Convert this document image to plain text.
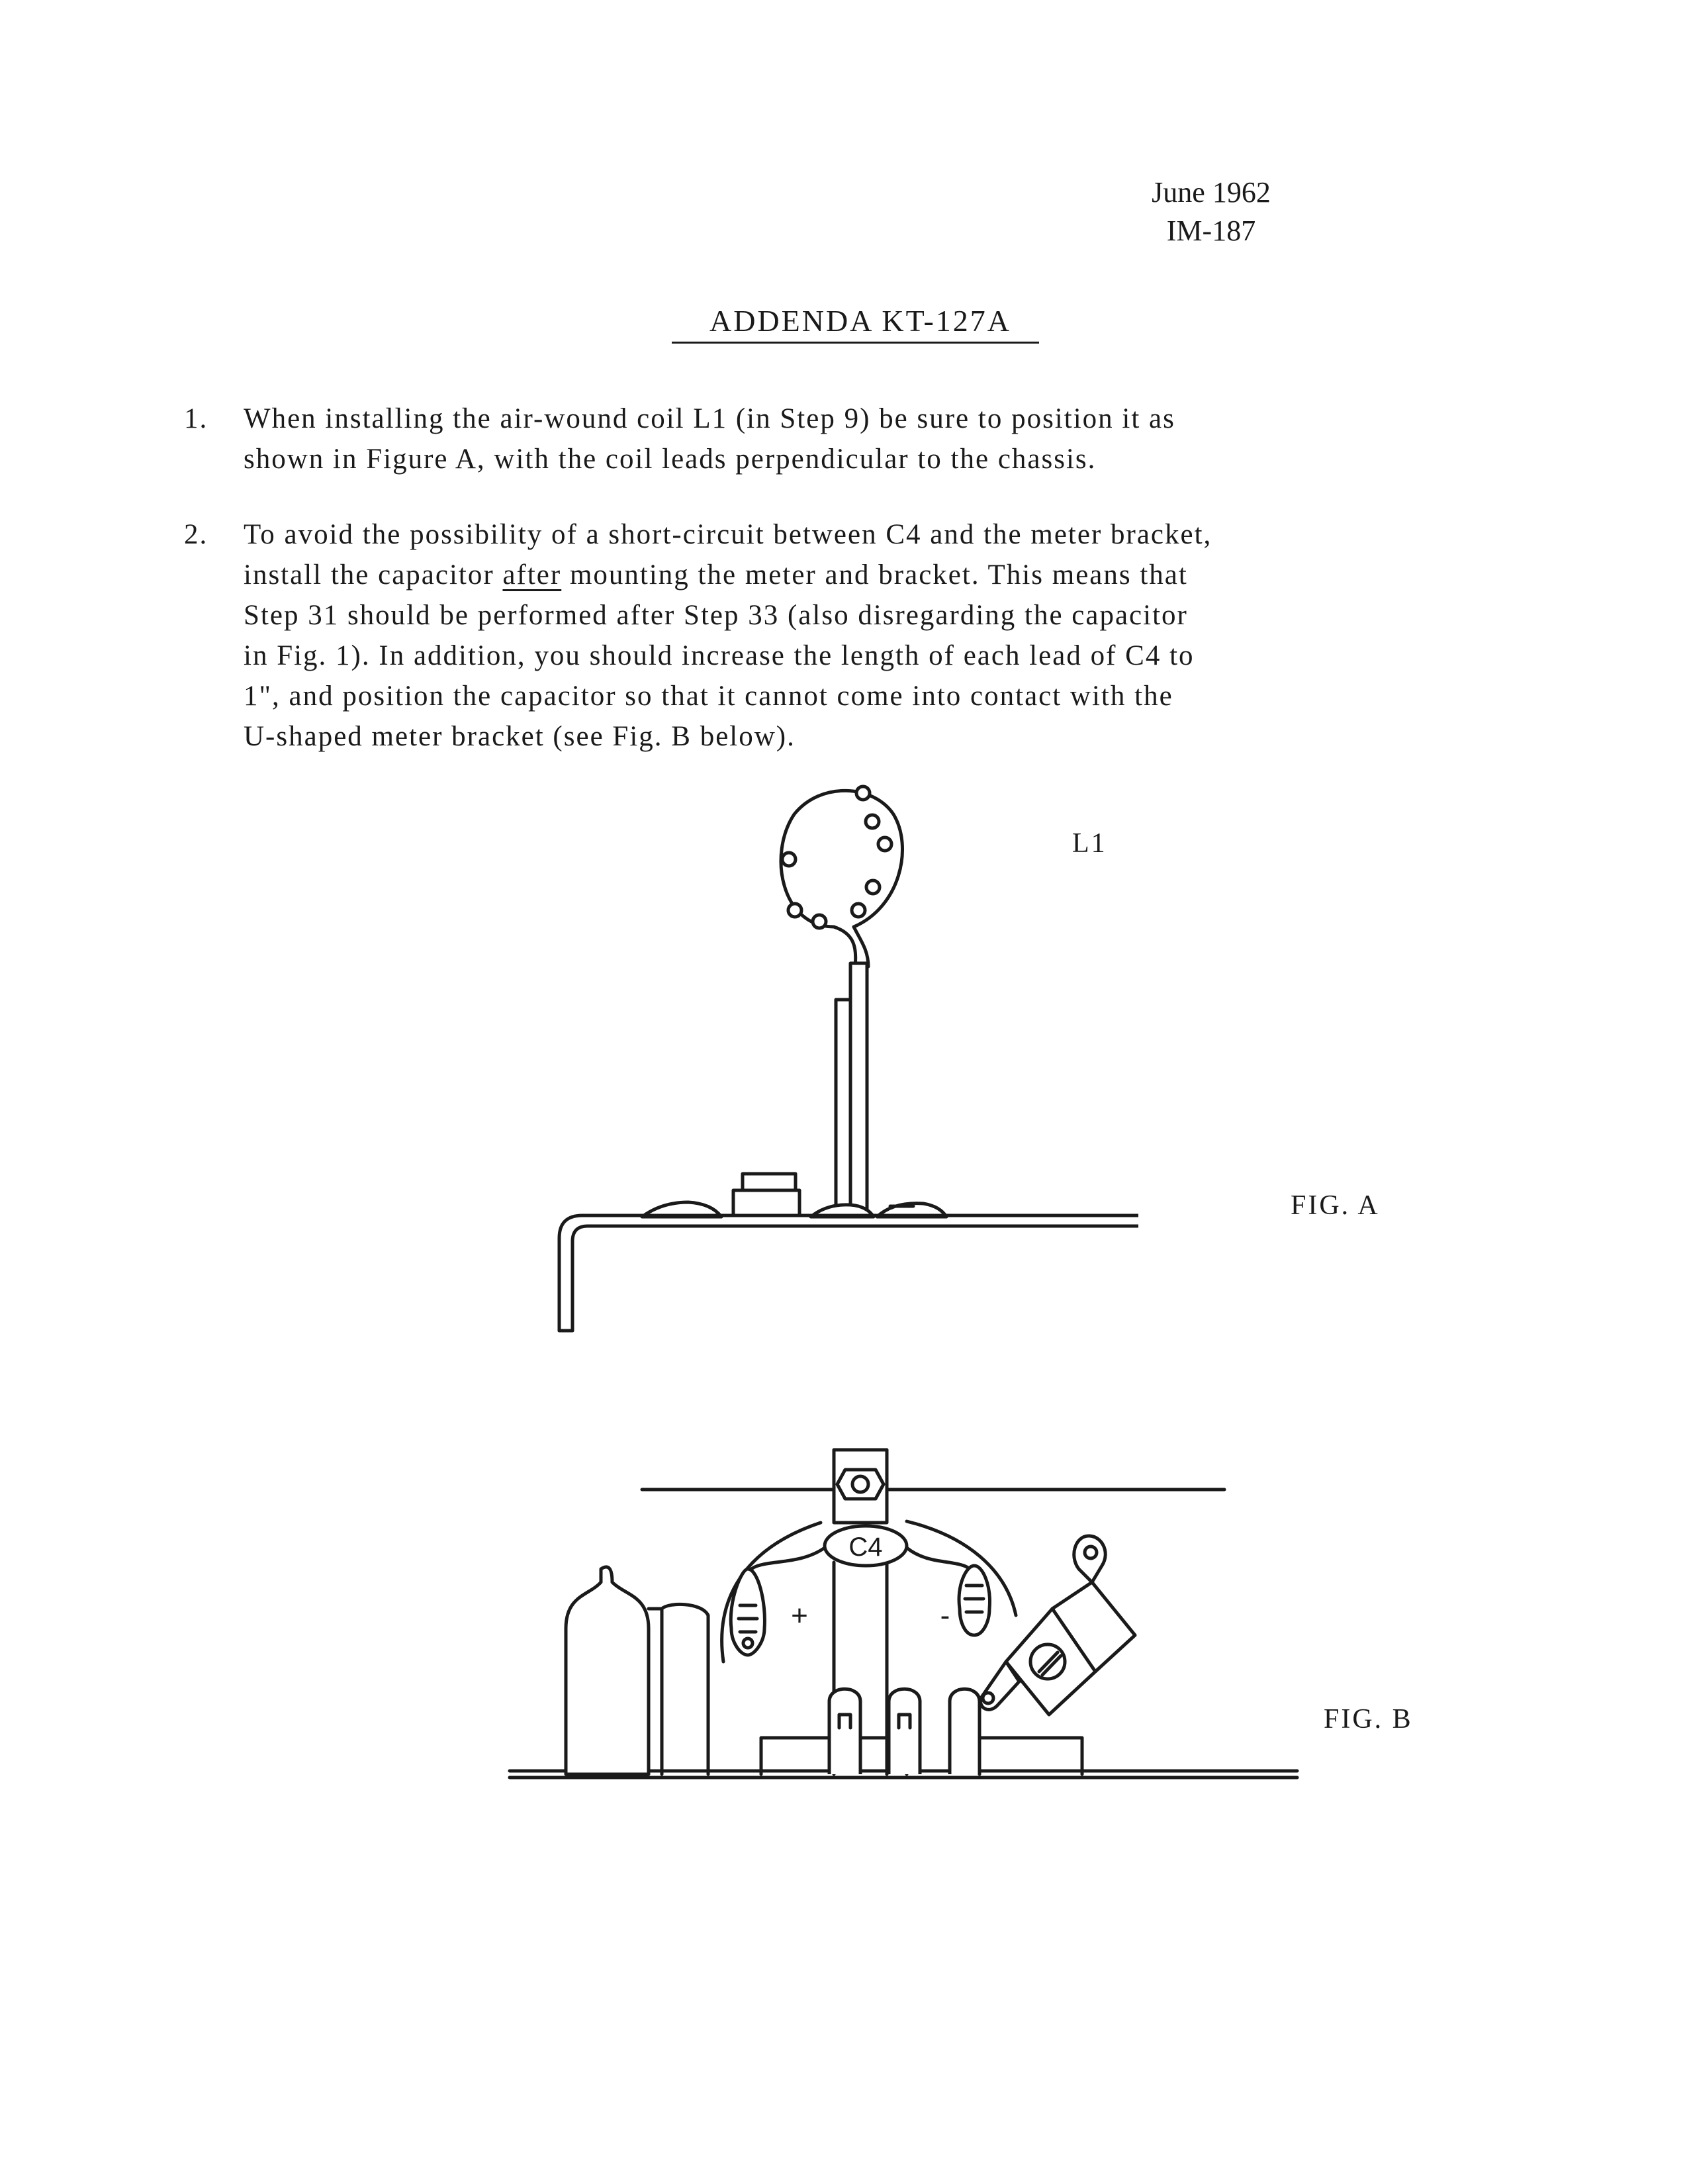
June 1962
IM-187
ADDENDA KT-127A
1. When installing the air-wound coil L1 (in Step 9) be sure to position it as
shown in Figure A, with the coil leads perpendicular to the chassis.
2. To avoid the possibility of a short-circuit between C4 and the meter bracket,
install the capacitor after mounting the meter and bracket. This means that
Step 31 should be performed after Step 33 (also disregarding the capacitor
in Fig. 1). In addition, you should increase the length of each lead of C4 to
1", and position the capacitor so that it cannot come into contact with the
U-shaped meter bracket (see Fig. B below).
L1
FIG. A
C4
+	-
FIG. B
